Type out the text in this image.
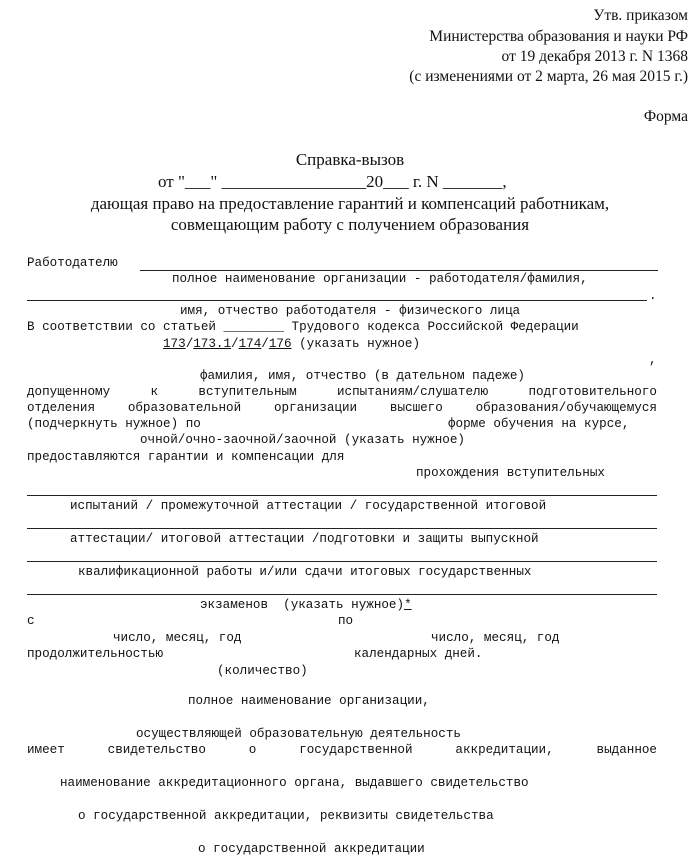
Утв. приказом
Министерства образования и науки РФ
от 19 декабря 2013 г. N 1368
(с изменениями от 2 марта, 26 мая 2015 г.)
Форма
Справка-вызов
от "___" _________________20___ г. N _______,
дающая право на предоставление гарантий и компенсаций работникам,
совмещающим работу с получением образования
Работодателю
полное наименование организации - работодателя/фамилия,
.
имя, отчество работодателя - физического лица
В соответствии со статьей ________ Трудового кодекса Российской Федерации
173/173.1/174/176 (указать нужное)
,
фамилия, имя, отчество (в дательном падеже)
допущенному	к	вступительным	испытаниям/слушателю	подготовительного
отделения	образовательной	организации	высшего	образования/обучающемуся
(подчеркнуть нужное) по	форме обучения на курсе,
очной/очно-заочной/заочной (указать нужное)
предоставляются гарантии и компенсации для
прохождения вступительных
испытаний / промежуточной аттестации / государственной итоговой
аттестации/ итоговой аттестации /подготовки и защиты выпускной
квалификационной работы и/или сдачи итоговых государственных
экзаменов  (указать нужное)*
с	по
число, месяц, год	число, месяц, год
продолжительностью	календарных дней.
(количество)
полное наименование организации,
осуществляющей образовательную деятельность
имеет	свидетельство	о	государственной	аккредитации,	выданное
наименование аккредитационного органа, выдавшего свидетельство
о государственной аккредитации, реквизиты свидетельства
о государственной аккредитации
